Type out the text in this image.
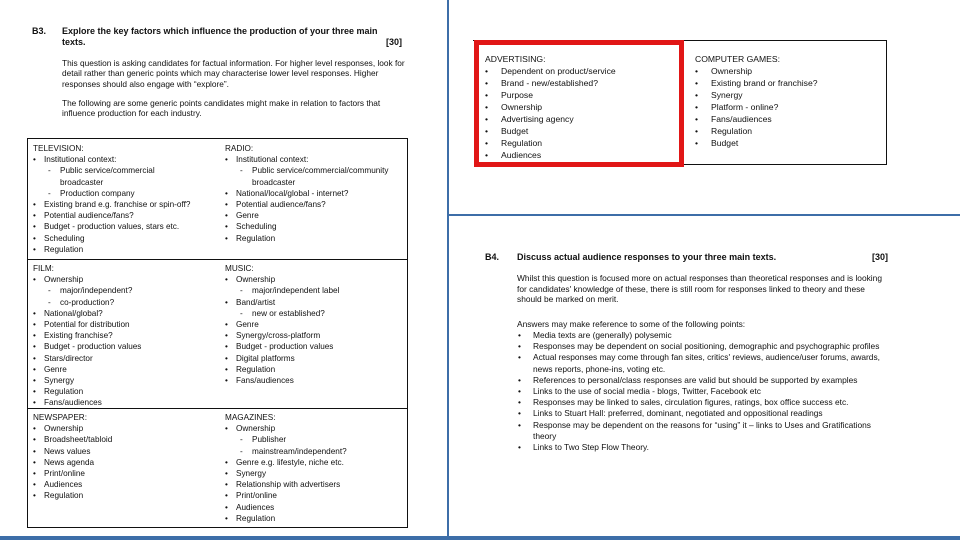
B3. Explore the key factors which influence the production of your three main texts.	[30]
This question is asking candidates for factual information. For higher level responses, look for detail rather than generic points which may characterise lower level responses. Higher responses should also engage with “explore”.
The following are some generic points candidates might make in relation to factors that influence production for each industry.
TELEVISION:
• Institutional context:
- Public service/commercial
broadcaster
- Production company
• Existing brand e.g. franchise or spin-off?
• Potential audience/fans?
• Budget - production values, stars etc.
• Scheduling
• Regulation
RADIO:
• Institutional context:
- Public service/commercial/community
broadcaster
• National/local/global - internet?
• Potential audience/fans?
• Genre
• Scheduling
• Regulation
FILM:
• Ownership
- major/independent?
- co-production?
• National/global?
• Potential for distribution
• Existing franchise?
• Budget - production values
• Stars/director
• Genre
• Synergy
• Regulation
• Fans/audiences
MUSIC:
• Ownership
- major/independent label
• Band/artist
- new or established?
• Genre
• Synergy/cross-platform
• Budget - production values
• Digital platforms
• Regulation
• Fans/audiences
NEWSPAPER:
• Ownership
• Broadsheet/tabloid
• News values
• News agenda
• Print/online
• Audiences
• Regulation
MAGAZINES:
• Ownership
- Publisher
- mainstream/independent?
• Genre e.g. lifestyle, niche etc.
• Synergy
• Relationship with advertisers
• Print/online
• Audiences
• Regulation
ADVERTISING:
• Dependent on product/service
• Brand - new/established?
• Purpose
• Ownership
• Advertising agency
• Budget
• Regulation
• Audiences
COMPUTER GAMES:
• Ownership
• Existing brand or franchise?
• Synergy
• Platform - online?
• Fans/audiences
• Regulation
• Budget
B4. Discuss actual audience responses to your three main texts.	[30]
Whilst this question is focused more on actual responses than theoretical responses and is looking for candidates' knowledge of these, there is still room for responses linked to theory and these should be marked on merit.
Answers may make reference to some of the following points:
• Media texts are (generally) polysemic
• Responses may be dependent on social positioning, demographic and psychographic profiles
• Actual responses may come through fan sites, critics' reviews, audience/user forums, awards, news reports, phone-ins, voting etc.
• References to personal/class responses are valid but should be supported by examples
• Links to the use of social media - blogs, Twitter, Facebook etc
• Responses may be linked to sales, circulation figures, ratings, box office success etc.
• Links to Stuart Hall: preferred, dominant, negotiated and oppositional readings
• Response may be dependent on the reasons for “using” it – links to Uses and Gratifications theory
• Links to Two Step Flow Theory.
